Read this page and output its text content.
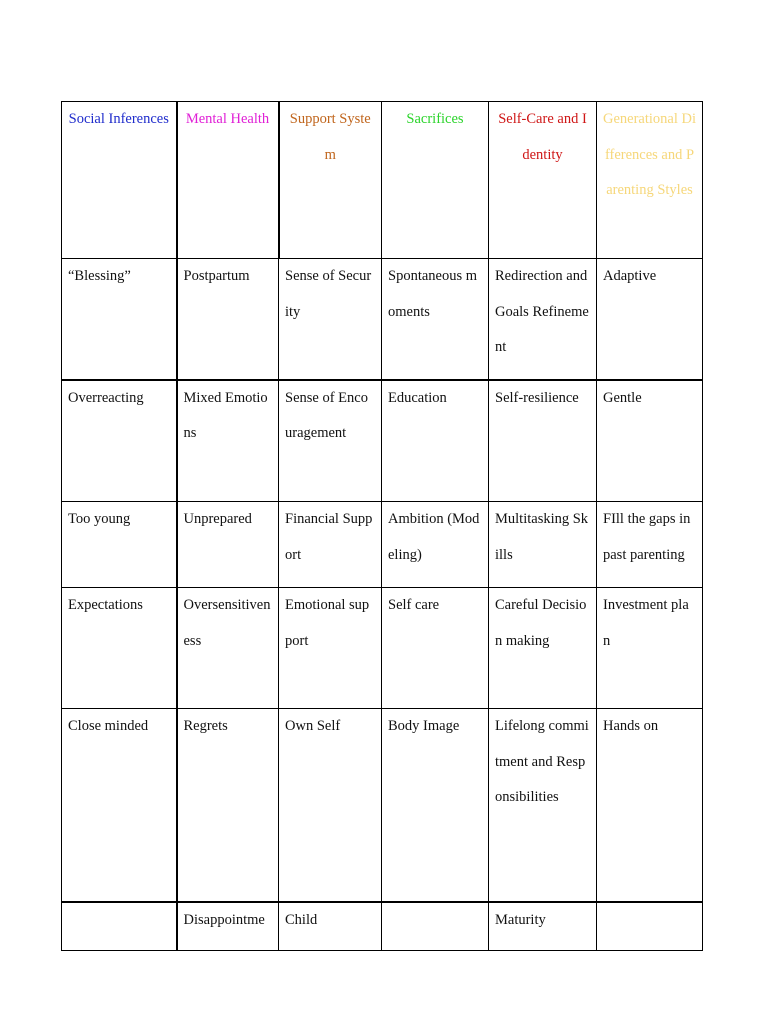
Social Inferences	Mental Health	Support System	Sacrifices	Self-Care and Identity	Generational Differences and Parenting Styles

“Blessing”	Postpartum	Sense of Security	Spontaneous moments	Redirection and Goals Refinement	Adaptive

Overreacting	Mixed Emotions	Sense of Encouragement	Education	Self-resilience	Gentle

Too young	Unprepared	Financial Support	Ambition (Modeling)	Multitasking Skills	FIll the gaps in past parenting

Expectations	Oversensitiveness	Emotional support	Self care	Careful Decision making	Investment plan

Close minded	Regrets	Own Self	Body Image	Lifelong commitment and Responsibilities	Hands on

	Disappointme	Child		Maturity	
